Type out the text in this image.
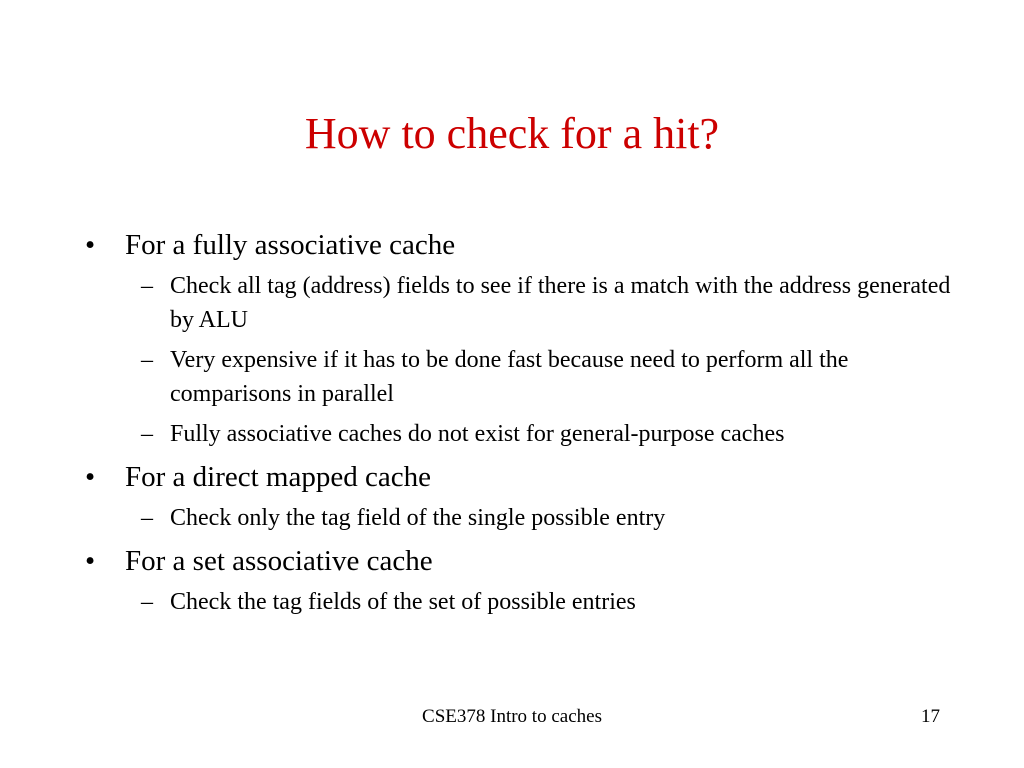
How to check for a hit?
• For a fully associative cache
– Check all tag (address) fields to see if there is a match with the address generated by ALU
– Very expensive if it has to be done fast because need to perform all the comparisons in parallel
– Fully associative caches do not exist for general-purpose caches
• For a direct mapped cache
– Check only the tag field of the single possible entry
• For a set associative cache
– Check the tag fields of the set of possible entries
CSE378 Intro to caches	17
